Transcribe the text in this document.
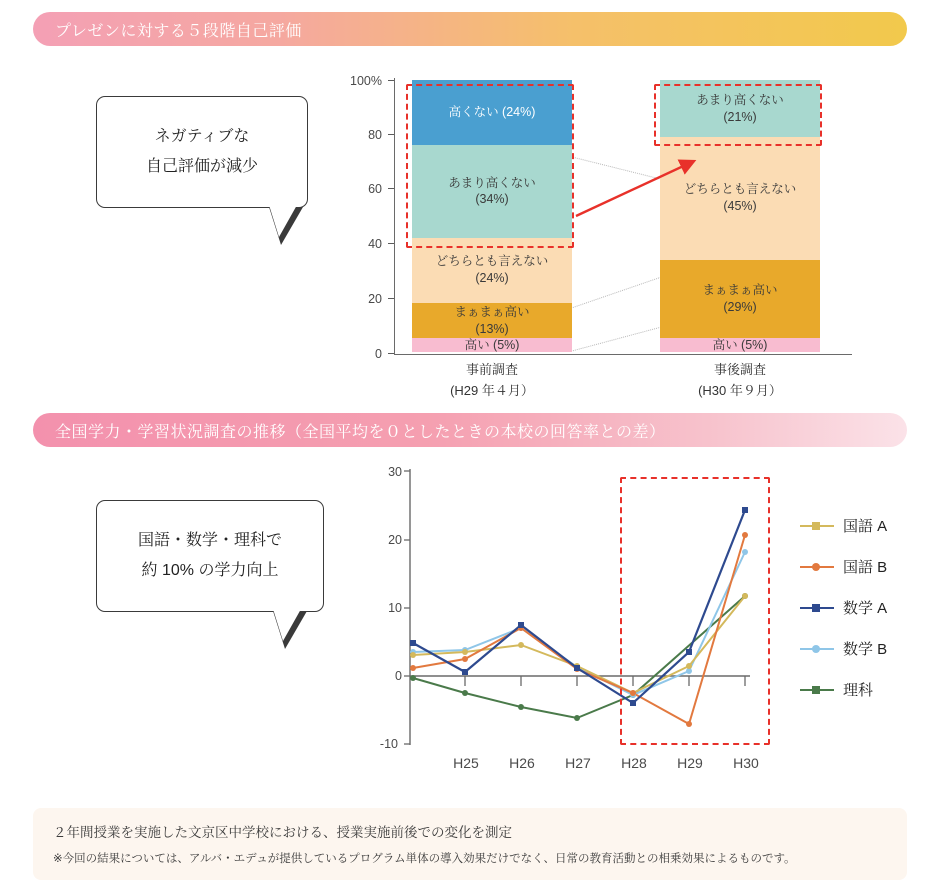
プレゼンに対する５段階自己評価
ネガティブな
自己評価が減少
100%
80
60
40
20
0
高くない (24%)
あまり高くない
(34%)
どちらとも言えない
(24%)
まぁまぁ高い
(13%)
高い (5%)
あまり高くない
(21%)
どちらとも言えない
(45%)
まぁまぁ高い
(29%)
高い (5%)
事前調査
(H29 年４月）
事後調査
(H30 年９月）
全国学力・学習状況調査の推移（全国平均を０としたときの本校の回答率との差）
国語・数学・理科で
約 10% の学力向上
30
20
10
0
-10
H25	H26	H27	H28	H29	H30
国語 A
国語 B
数学 A
数学 B
理科
２年間授業を実施した文京区中学校における、授業実施前後での変化を測定
※今回の結果については、アルバ・エデュが提供しているプログラム単体の導入効果だけでなく、日常の教育活動との相乗効果によるものです。
